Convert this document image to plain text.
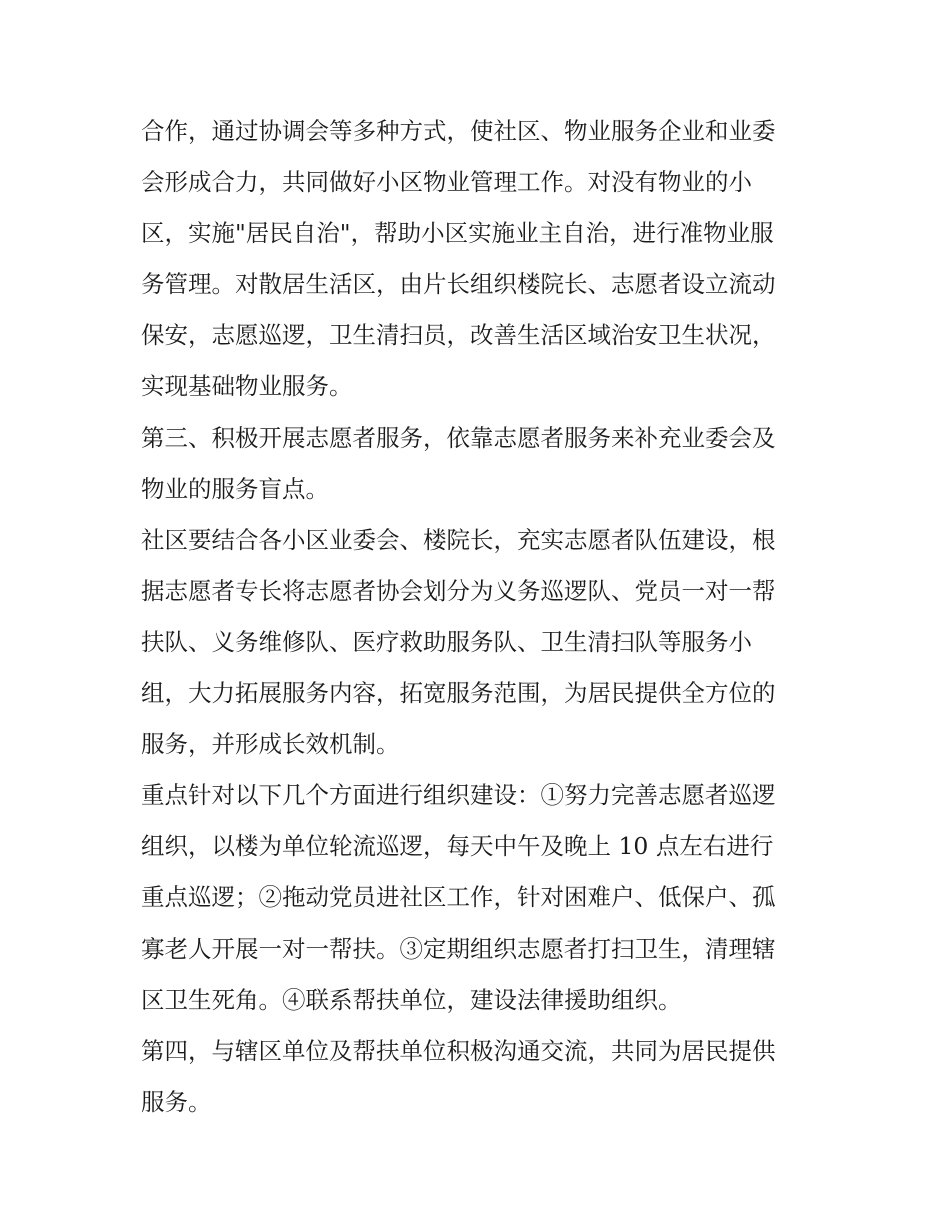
合作，通过协调会等多种方式，使社区、物业服务企业和业委
会形成合力，共同做好小区物业管理工作。对没有物业的小
区，实施"居民自治"，帮助小区实施业主自治，进行准物业服
务管理。对散居生活区，由片长组织楼院长、志愿者设立流动
保安，志愿巡逻，卫生清扫员，改善生活区域治安卫生状况，
实现基础物业服务。
第三、积极开展志愿者服务，依靠志愿者服务来补充业委会及
物业的服务盲点。
社区要结合各小区业委会、楼院长，充实志愿者队伍建设，根
据志愿者专长将志愿者协会划分为义务巡逻队、党员一对一帮
扶队、义务维修队、医疗救助服务队、卫生清扫队等服务小
组，大力拓展服务内容，拓宽服务范围，为居民提供全方位的
服务，并形成长效机制。
重点针对以下几个方面进行组织建设：①努力完善志愿者巡逻
组织，以楼为单位轮流巡逻，每天中午及晚上 10 点左右进行
重点巡逻；②拖动党员进社区工作，针对困难户、低保户、孤
寡老人开展一对一帮扶。③定期组织志愿者打扫卫生，清理辖
区卫生死角。④联系帮扶单位，建设法律援助组织。
第四，与辖区单位及帮扶单位积极沟通交流，共同为居民提供
服务。
